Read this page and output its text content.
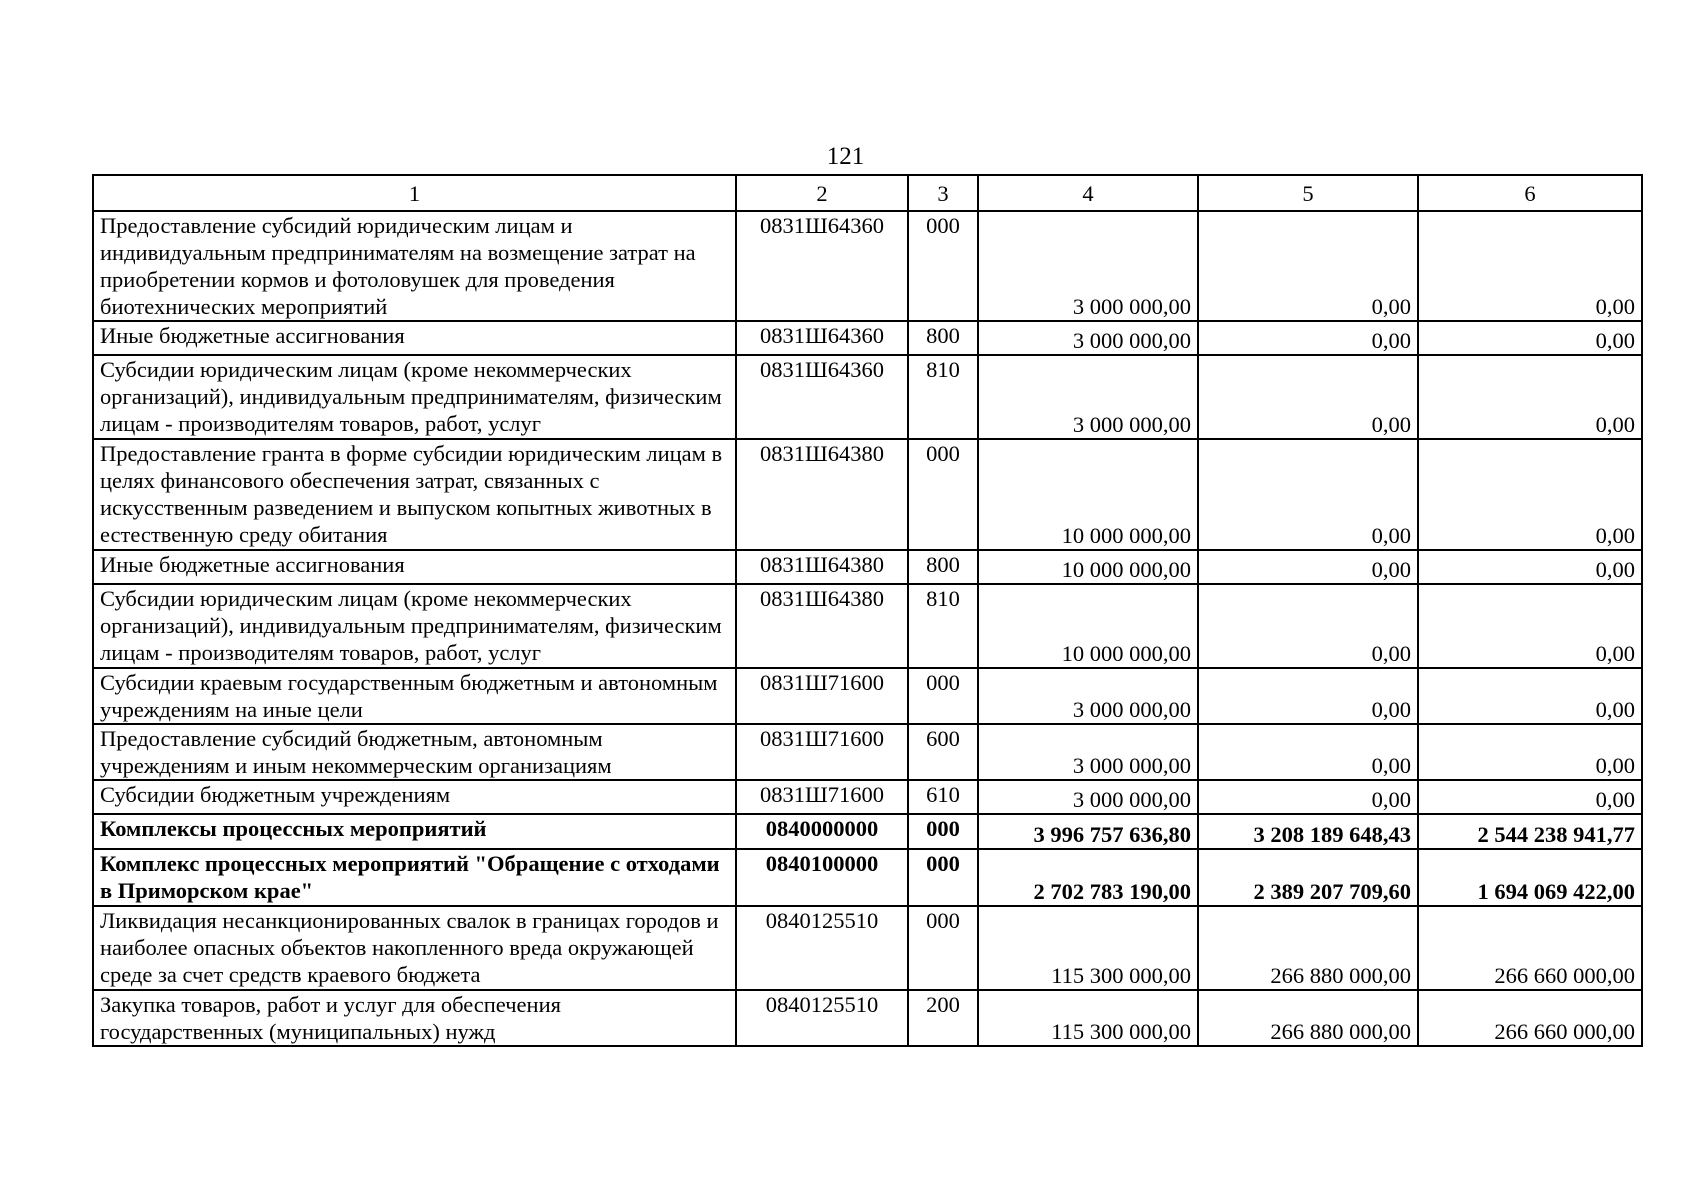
121
1	2	3	4	5	6
Предоставление субсидий юридическим лицам и индивидуальным предпринимателям на возмещение затрат на приобретении кормов и фотоловушек для проведения биотехнических мероприятий	0831Ш64360	000	3 000 000,00	0,00	0,00
Иные бюджетные ассигнования	0831Ш64360	800	3 000 000,00	0,00	0,00
Субсидии юридическим лицам (кроме некоммерческих организаций), индивидуальным предпринимателям, физическим лицам - производителям товаров, работ, услуг	0831Ш64360	810	3 000 000,00	0,00	0,00
Предоставление гранта в форме субсидии юридическим лицам в целях финансового обеспечения затрат, связанных с искусственным разведением и выпуском копытных животных в естественную среду обитания	0831Ш64380	000	10 000 000,00	0,00	0,00
Иные бюджетные ассигнования	0831Ш64380	800	10 000 000,00	0,00	0,00
Субсидии юридическим лицам (кроме некоммерческих организаций), индивидуальным предпринимателям, физическим лицам - производителям товаров, работ, услуг	0831Ш64380	810	10 000 000,00	0,00	0,00
Субсидии краевым государственным бюджетным и автономным учреждениям на иные цели	0831Ш71600	000	3 000 000,00	0,00	0,00
Предоставление субсидий бюджетным, автономным учреждениям и иным некоммерческим организациям	0831Ш71600	600	3 000 000,00	0,00	0,00
Субсидии бюджетным учреждениям	0831Ш71600	610	3 000 000,00	0,00	0,00
Комплексы процессных мероприятий	0840000000	000	3 996 757 636,80	3 208 189 648,43	2 544 238 941,77
Комплекс процессных мероприятий "Обращение с отходами в Приморском крае"	0840100000	000	2 702 783 190,00	2 389 207 709,60	1 694 069 422,00
Ликвидация несанкционированных свалок в границах городов и наиболее опасных объектов накопленного вреда окружающей среде за счет средств краевого бюджета	0840125510	000	115 300 000,00	266 880 000,00	266 660 000,00
Закупка товаров, работ и услуг для обеспечения государственных (муниципальных) нужд	0840125510	200	115 300 000,00	266 880 000,00	266 660 000,00
